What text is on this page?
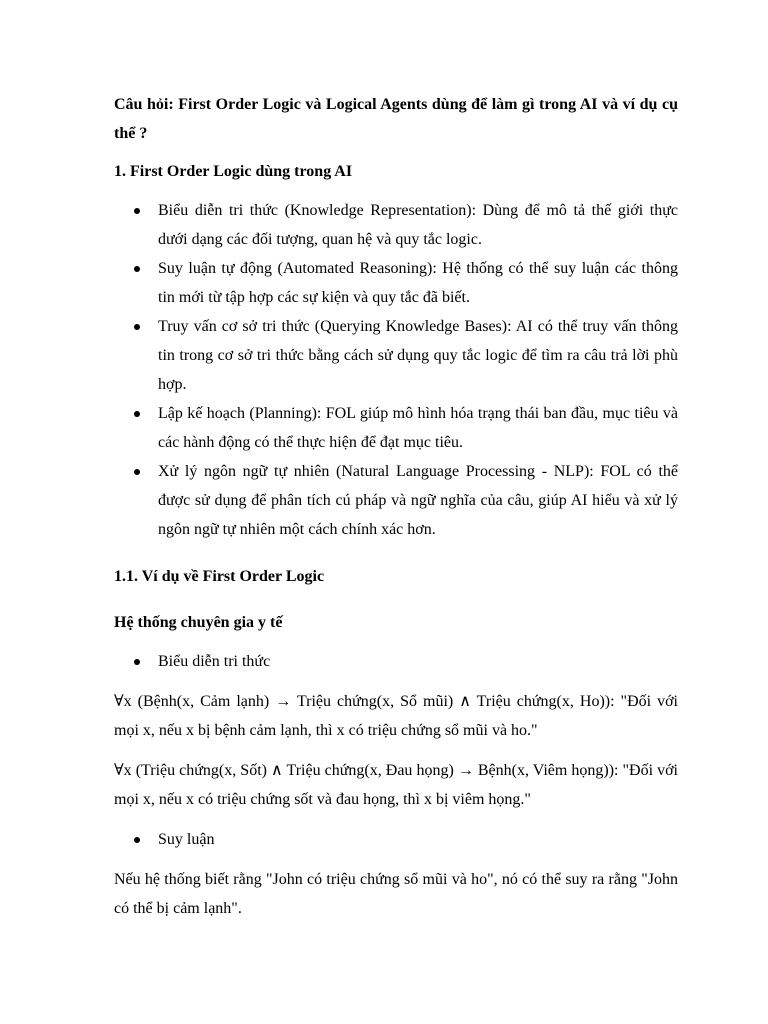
Câu hỏi: First Order Logic và Logical Agents dùng để làm gì trong AI và ví dụ cụ thể ?
1. First Order Logic dùng trong AI
Biểu diễn tri thức (Knowledge Representation): Dùng để mô tả thế giới thực dưới dạng các đối tượng, quan hệ và quy tắc logic.
Suy luận tự động (Automated Reasoning): Hệ thống có thể suy luận các thông tin mới từ tập hợp các sự kiện và quy tắc đã biết.
Truy vấn cơ sở tri thức (Querying Knowledge Bases): AI có thể truy vấn thông tin trong cơ sở tri thức bằng cách sử dụng quy tắc logic để tìm ra câu trả lời phù hợp.
Lập kế hoạch (Planning): FOL giúp mô hình hóa trạng thái ban đầu, mục tiêu và các hành động có thể thực hiện để đạt mục tiêu.
Xử lý ngôn ngữ tự nhiên (Natural Language Processing - NLP): FOL có thể được sử dụng để phân tích cú pháp và ngữ nghĩa của câu, giúp AI hiểu và xử lý ngôn ngữ tự nhiên một cách chính xác hơn.
1.1. Ví dụ về First Order Logic
Hệ thống chuyên gia y tế
Biểu diễn tri thức

∀x (Bệnh(x, Cảm lạnh) → Triệu chứng(x, Sổ mũi) ∧ Triệu chứng(x, Ho)): "Đối với mọi x, nếu x bị bệnh cảm lạnh, thì x có triệu chứng sổ mũi và ho."

∀x (Triệu chứng(x, Sốt) ∧ Triệu chứng(x, Đau họng) → Bệnh(x, Viêm họng)): "Đối với mọi x, nếu x có triệu chứng sốt và đau họng, thì x bị viêm họng."

Suy luận

Nếu hệ thống biết rằng "John có triệu chứng sổ mũi và ho", nó có thể suy ra rằng "John có thể bị cảm lạnh".
